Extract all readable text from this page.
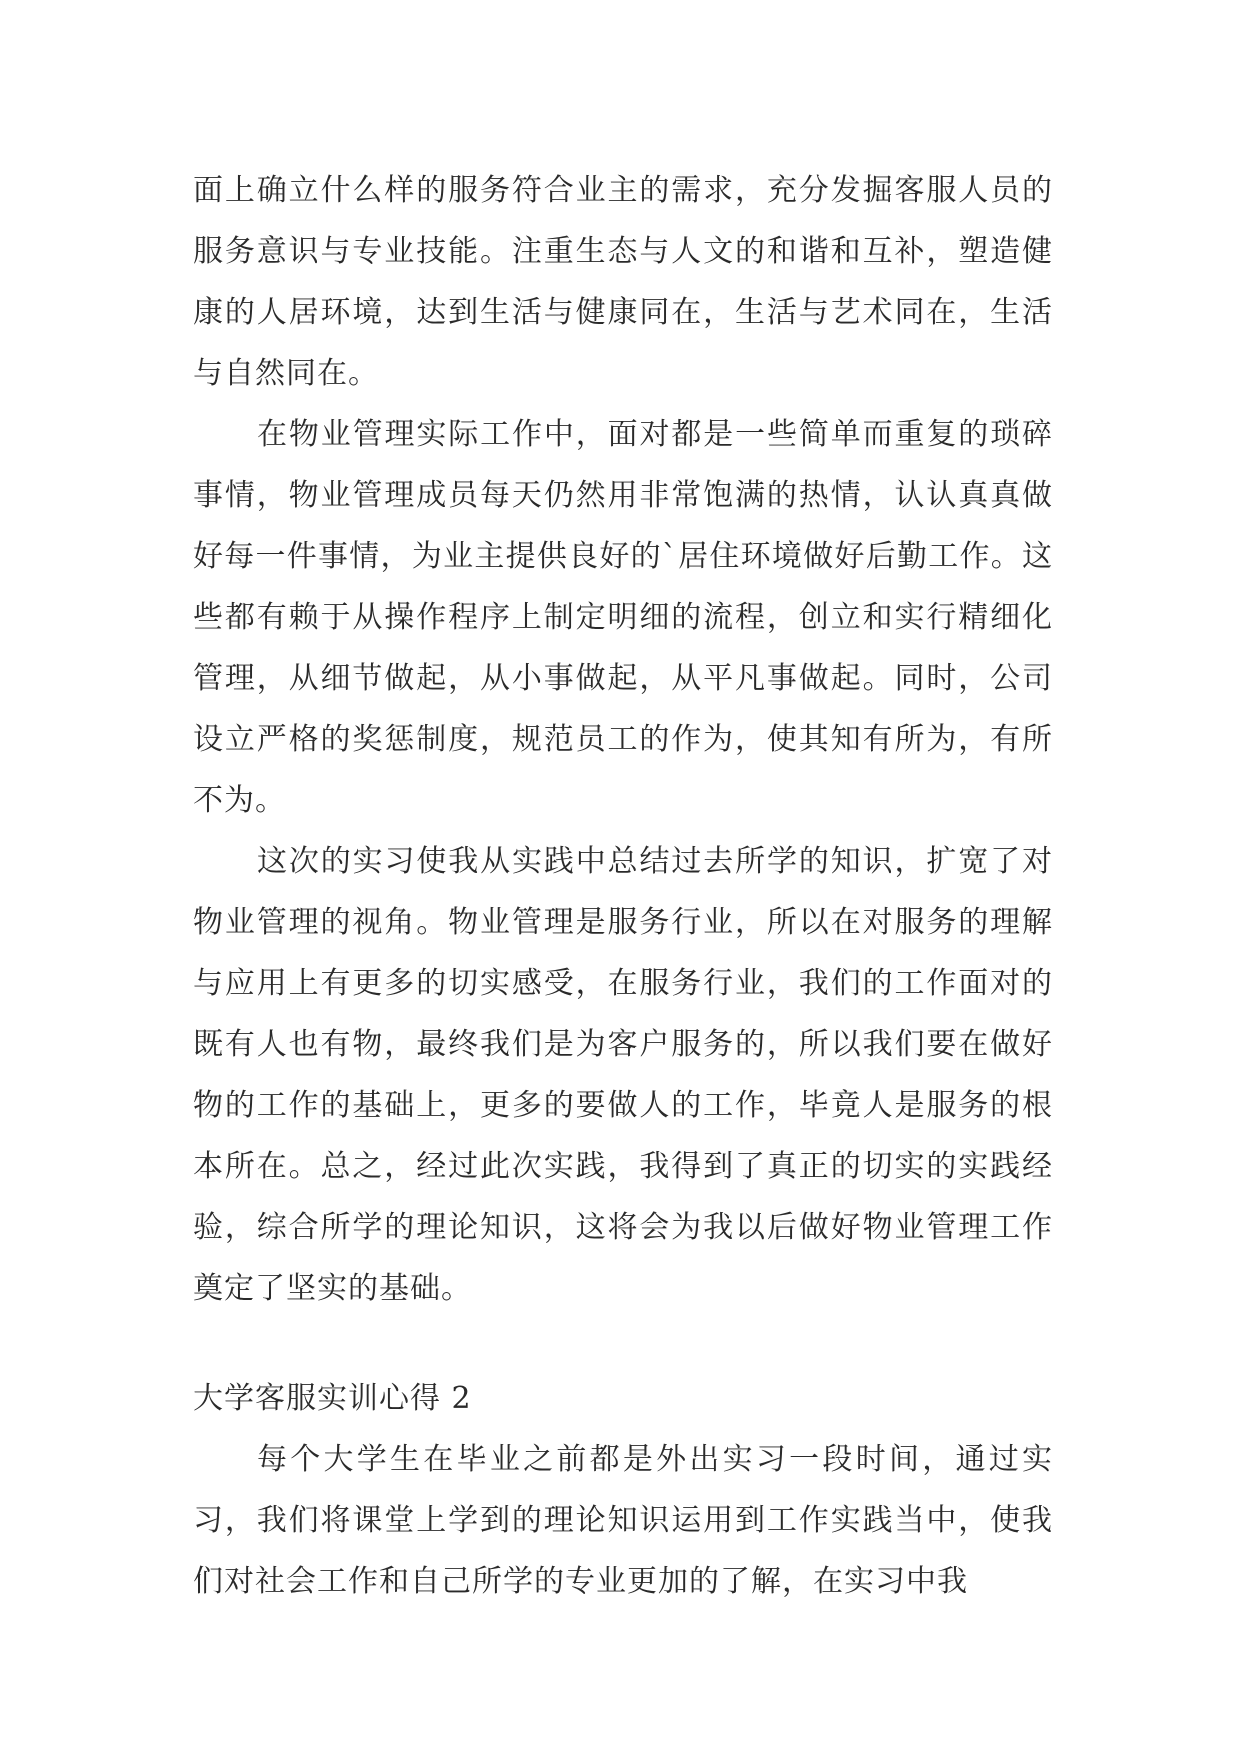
面上确立什么样的服务符合业主的需求，充分发掘客服人员的服务意识与专业技能。注重生态与人文的和谐和互补，塑造健康的人居环境，达到生活与健康同在，生活与艺术同在，生活与自然同在。

在物业管理实际工作中，面对都是一些简单而重复的琐碎事情，物业管理成员每天仍然用非常饱满的热情，认认真真做好每一件事情，为业主提供良好的`居住环境做好后勤工作。这些都有赖于从操作程序上制定明细的流程，创立和实行精细化管理，从细节做起，从小事做起，从平凡事做起。同时，公司设立严格的奖惩制度，规范员工的作为，使其知有所为，有所不为。

这次的实习使我从实践中总结过去所学的知识，扩宽了对物业管理的视角。物业管理是服务行业，所以在对服务的理解与应用上有更多的切实感受，在服务行业，我们的工作面对的既有人也有物，最终我们是为客户服务的，所以我们要在做好物的工作的基础上，更多的要做人的工作，毕竟人是服务的根本所在。总之，经过此次实践，我得到了真正的切实的实践经验，综合所学的理论知识，这将会为我以后做好物业管理工作奠定了坚实的基础。

大学客服实训心得 2

每个大学生在毕业之前都是外出实习一段时间，通过实习，我们将课堂上学到的理论知识运用到工作实践当中，使我们对社会工作和自己所学的专业更加的了解，在实习中我
